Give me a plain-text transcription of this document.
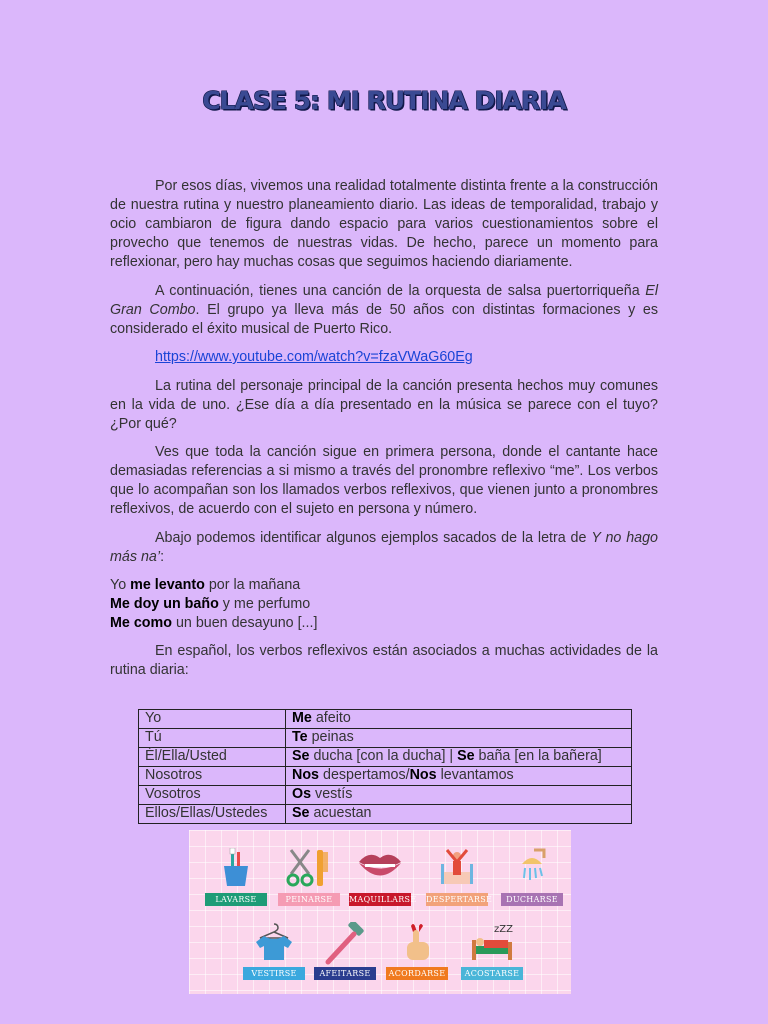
CLASE 5: MI RUTINA DIARIA

Por esos días, vivemos una realidad totalmente distinta frente a la construcción de nuestra rutina y nuestro planeamiento diario. Las ideas de temporalidad, trabajo y ocio cambiaron de figura dando espacio para varios cuestionamientos sobre el provecho que tenemos de nuestras vidas. De hecho, parece un momento para reflexionar, pero hay muchas cosas que seguimos haciendo diariamente.

A continuación, tienes una canción de la orquesta de salsa puertorriqueña El Gran Combo. El grupo ya lleva más de 50 años con distintas formaciones y es considerado el éxito musical de Puerto Rico.

https://www.youtube.com/watch?v=fzaVWaG60Eg

La rutina del personaje principal de la canción presenta hechos muy comunes en la vida de uno. ¿Ese día a día presentado en la música se parece con el tuyo? ¿Por qué?

Ves que toda la canción sigue en primera persona, donde el cantante hace demasiadas referencias a si mismo a través del pronombre reflexivo “me”. Los verbos que lo acompañan son los llamados verbos reflexivos, que vienen junto a pronombres reflexivos, de acuerdo con el sujeto en persona y número.

Abajo podemos identificar algunos ejemplos sacados de la letra de Y no hago más na’:

Yo me levanto por la mañana
Me doy un baño y me perfumo
Me como un buen desayuno [...]

En español, los verbos reflexivos están asociados a muchas actividades de la rutina diaria:

Yo	Me afeito
Tú	Te peinas
Él/Ella/Usted	Se ducha [con la ducha] | Se baña [en la bañera]
Nosotros	Nos despertamos/Nos levantamos
Vosotros	Os vestís
Ellos/Ellas/Ustedes	Se acuestan
LAVARSE	PEINARSE	MAQUILLARSE DESPERTARSE	DUCHARSE
VESTIRSE	AFEITARSE	ACORDARSE
zZZ
ACOSTARSE
